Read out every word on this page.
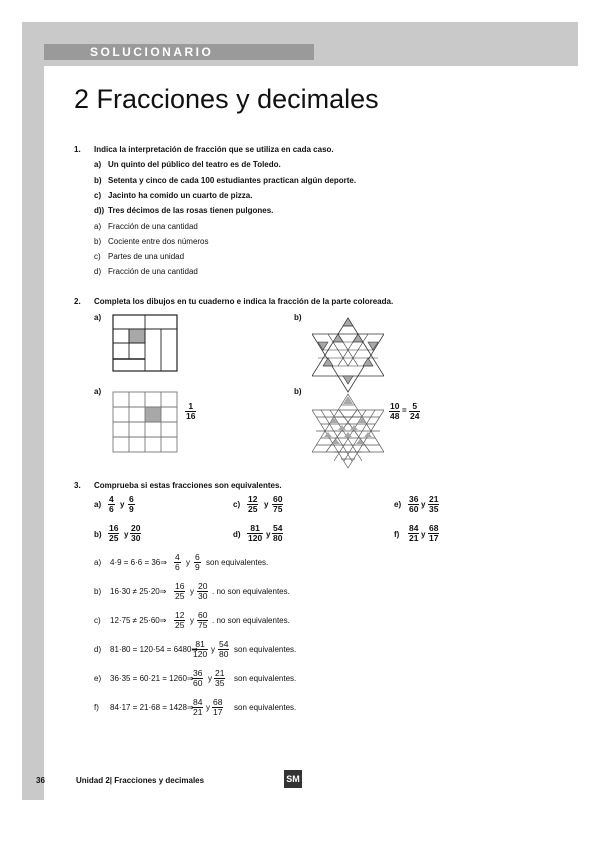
SOLUCIONARIO
2 Fracciones y decimales
1. Indica la interpretación de fracción que se utiliza en cada caso.
a) Un quinto del público del teatro es de Toledo.
b) Setenta y cinco de cada 100 estudiantes practican algún deporte.
c) Jacinto ha comido un cuarto de pizza.
d)) Tres décimos de las rosas tienen pulgones.
a) Fracción de una cantidad
b) Cociente entre dos números
c) Partes de una unidad
d) Fracción de una cantidad
2. Completa los dibujos en tu cuaderno e indica la fracción de la parte coloreada.
a)	b)
a)	b)
$\frac{1}{16}$	$\frac{10}{48} = \frac{5}{24}$
3. Comprueba si estas fracciones son equivalentes.
$a) \frac{4}{6}$ y $\frac{6}{9}$	$c) \frac{12}{25}$ y $\frac{60}{75}$	$e) \frac{36}{60}$ y $\frac{21}{35}$
$b) \frac{16}{25}$ y $\frac{20}{30}$	$d) \frac{81}{120}$ y $\frac{54}{80}$	$f) \frac{84}{21}$ y $\frac{68}{17}$
a) 4·9 = 6·6 = 36⇒ $\frac{4}{6}$ y $\frac{6}{9}$ son equivalentes.
b) 16·30 ≠ 25·20⇒ $\frac{16}{25}$ y $\frac{20}{30}$ . no son equivalentes.
c) 12·75 ≠ 25·60⇒ $\frac{12}{25}$ y $\frac{60}{75}$ . no son equivalentes.
d) 81·80 = 120·54 = 6480⇒
$\frac{81}{120}$ y $\frac{54}{80}$ son equivalentes.
e) 36·35 = 60·21 = 1260⇒
$\frac{36}{60}$ y $\frac{21}{35}$ son equivalentes.
f) 84·17 = 21·68 = 1428⇒
$\frac{84}{21}$ y $\frac{68}{17}$ son equivalentes.
36	Unidad 2| Fracciones y decimales	SM
